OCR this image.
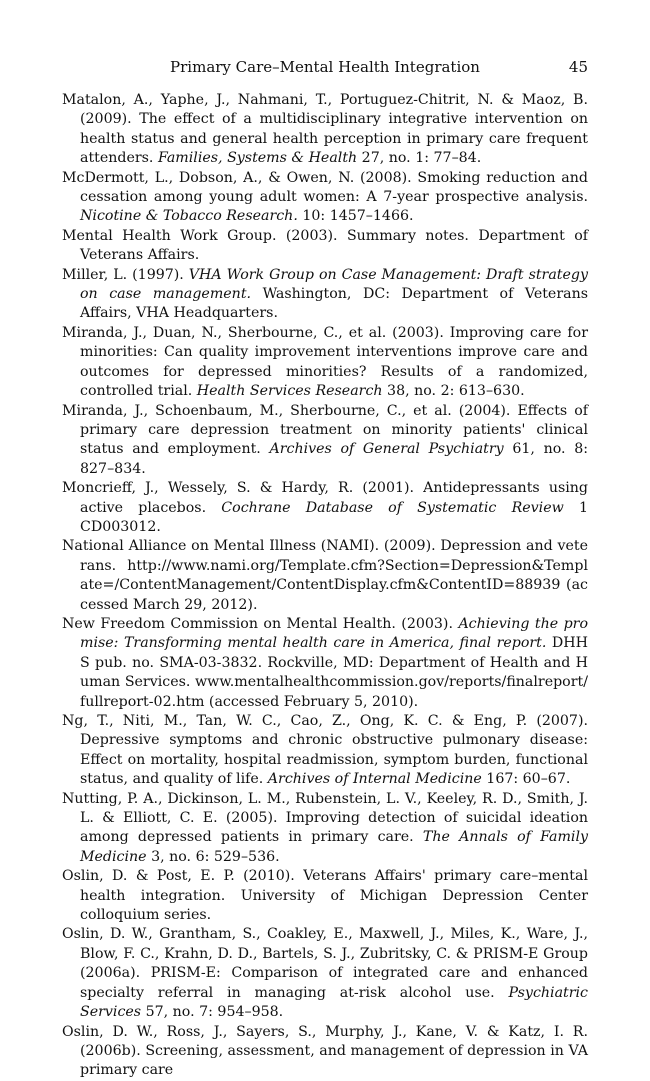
Primary Care–Mental Health Integration	45
Matalon, A., Yaphe, J., Nahmani, T., Portuguez-Chitrit, N. & Maoz, B. (2009). The effect of a multidisciplinary integrative intervention on health status and general health perception in primary care frequent attenders. Families, Systems & Health 27, no. 1: 77–84.
McDermott, L., Dobson, A., & Owen, N. (2008). Smoking reduction and cessation among young adult women: A 7-year prospective analysis. Nicotine & Tobacco Research. 10: 1457–1466.
Mental Health Work Group. (2003). Summary notes. Department of Veterans Affairs.
Miller, L. (1997). VHA Work Group on Case Management: Draft strategy on case management. Washington, DC: Department of Veterans Affairs, VHA Headquarters.
Miranda, J., Duan, N., Sherbourne, C., et al. (2003). Improving care for minorities: Can quality improvement interventions improve care and outcomes for depressed minorities? Results of a randomized, controlled trial. Health Services Research 38, no. 2: 613–630.
Miranda, J., Schoenbaum, M., Sherbourne, C., et al. (2004). Effects of primary care depression treatment on minority patients' clinical status and employment. Archives of General Psychiatry 61, no. 8: 827–834.
Moncrieff, J., Wessely, S. & Hardy, R. (2001). Antidepressants using active placebos. Cochrane Database of Systematic Review 1 CD003012.
National Alliance on Mental Illness (NAMI). (2009). Depression and veterans. http://www.nami.org/Template.cfm?Section=Depression&Template=/ContentManagement/ContentDisplay.cfm&ContentID=88939 (accessed March 29, 2012).
New Freedom Commission on Mental Health. (2003). Achieving the promise: Transforming mental health care in America, final report. DHHS pub. no. SMA-03-3832. Rockville, MD: Department of Health and Human Services. www.mentalhealthcommission.gov/reports/finalreport/fullreport-02.htm (accessed February 5, 2010).
Ng, T., Niti, M., Tan, W. C., Cao, Z., Ong, K. C. & Eng, P. (2007). Depressive symptoms and chronic obstructive pulmonary disease: Effect on mortality, hospital readmission, symptom burden, functional status, and quality of life. Archives of Internal Medicine 167: 60–67.
Nutting, P. A., Dickinson, L. M., Rubenstein, L. V., Keeley, R. D., Smith, J. L. & Elliott, C. E. (2005). Improving detection of suicidal ideation among depressed patients in primary care. The Annals of Family Medicine 3, no. 6: 529–536.
Oslin, D. & Post, E. P. (2010). Veterans Affairs' primary care–mental health integration. University of Michigan Depression Center colloquium series.
Oslin, D. W., Grantham, S., Coakley, E., Maxwell, J., Miles, K., Ware, J., Blow, F. C., Krahn, D. D., Bartels, S. J., Zubritsky, C. & PRISM-E Group (2006a). PRISM-E: Comparison of integrated care and enhanced specialty referral in managing at-risk alcohol use. Psychiatric Services 57, no. 7: 954–958.
Oslin, D. W., Ross, J., Sayers, S., Murphy, J., Kane, V. & Katz, I. R. (2006b). Screening, assessment, and management of depression in VA primary care
